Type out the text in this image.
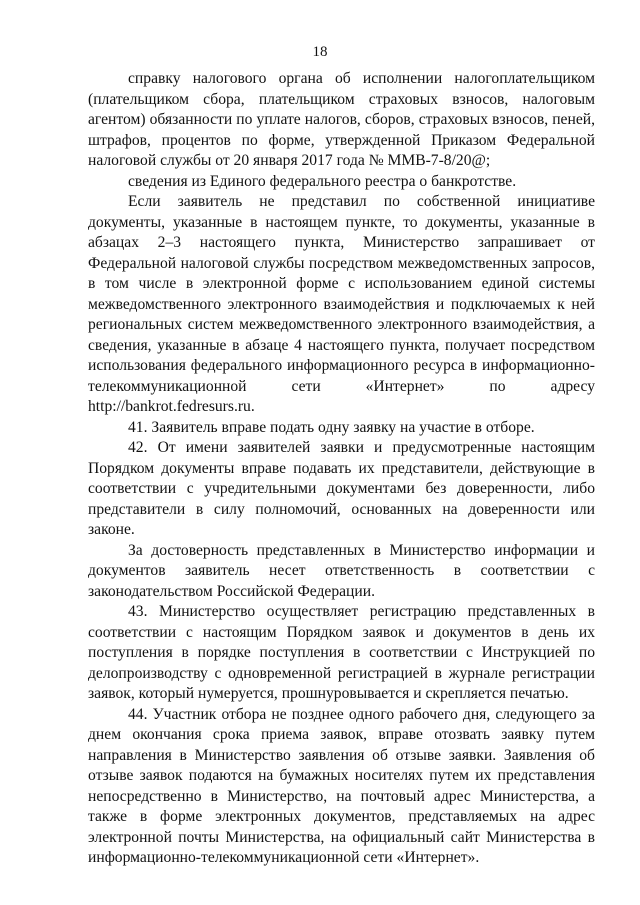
18

справку налогового органа об исполнении налогоплательщиком (плательщиком сбора, плательщиком страховых взносов, налоговым агентом) обязанности по уплате налогов, сборов, страховых взносов, пеней, штрафов, процентов по форме, утвержденной Приказом Федеральной налоговой службы от 20 января 2017 года № ММВ-7-8/20@;

сведения из Единого федерального реестра о банкротстве.

Если заявитель не представил по собственной инициативе документы, указанные в настоящем пункте, то документы, указанные в абзацах 2–3 настоящего пункта, Министерство запрашивает от Федеральной налоговой службы посредством межведомственных запросов, в том числе в электронной форме с использованием единой системы межведомственного электронного взаимодействия и подключаемых к ней региональных систем межведомственного электронного взаимодействия, а сведения, указанные в абзаце 4 настоящего пункта, получает посредством использования федерального информационного ресурса в информационно-телекоммуникационной сети «Интернет» по адресу http://bankrot.fedresurs.ru.

41. Заявитель вправе подать одну заявку на участие в отборе.

42. От имени заявителей заявки и предусмотренные настоящим Порядком документы вправе подавать их представители, действующие в соответствии с учредительными документами без доверенности, либо представители в силу полномочий, основанных на доверенности или законе.

За достоверность представленных в Министерство информации и документов заявитель несет ответственность в соответствии с законодательством Российской Федерации.

43. Министерство осуществляет регистрацию представленных в соответствии с настоящим Порядком заявок и документов в день их поступления в порядке поступления в соответствии с Инструкцией по делопроизводству с одновременной регистрацией в журнале регистрации заявок, который нумеруется, прошнуровывается и скрепляется печатью.

44. Участник отбора не позднее одного рабочего дня, следующего за днем окончания срока приема заявок, вправе отозвать заявку путем направления в Министерство заявления об отзыве заявки. Заявления об отзыве заявок подаются на бумажных носителях путем их представления непосредственно в Министерство, на почтовый адрес Министерства, а также в форме электронных документов, представляемых на адрес электронной почты Министерства, на официальный сайт Министерства в информационно-телекоммуникационной сети «Интернет».
